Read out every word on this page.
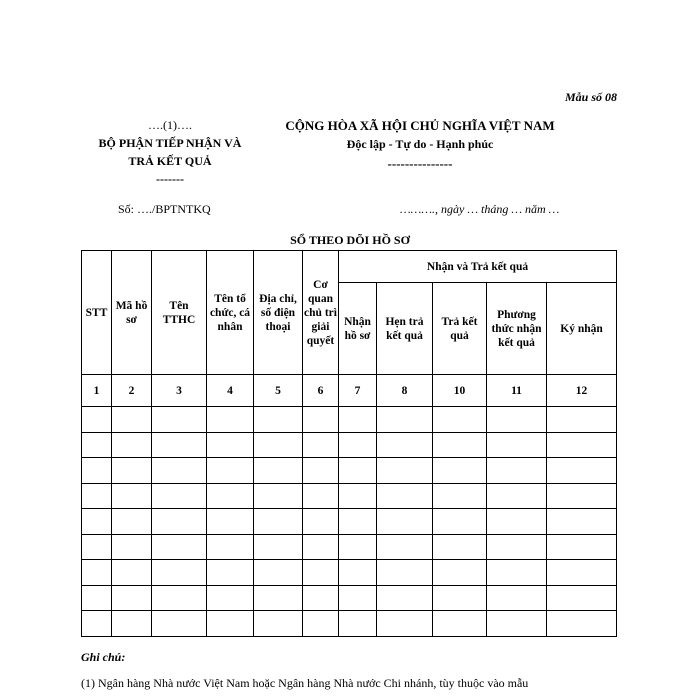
Mẫu số 08
….(1)….
BỘ PHẬN TIẾP NHẬN VÀ
TRẢ KẾT QUẢ
-------
CỘNG HÒA XÃ HỘI CHỦ NGHĨA VIỆT NAM
Độc lập - Tự do - Hạnh phúc
---------------
Số: …./BPTNTKQ	………., ngày … tháng … năm …
SỔ THEO DÕI HỒ SƠ
STT	Mã hồ sơ	Tên TTHC	Tên tổ chức, cá nhân	Địa chỉ, số điện thoại	Cơ quan chủ trì giải quyết	Nhận và Trả kết quả				
						Nhận hồ sơ	Hẹn trả kết quả	Trả kết quả	Phương thức nhận kết quả	Ký nhận
1	2	3	4	5	6	7	8	10	11	12

Ghi chú:
(1) Ngân hàng Nhà nước Việt Nam hoặc Ngân hàng Nhà nước Chi nhánh, tùy thuộc vào mẫu
